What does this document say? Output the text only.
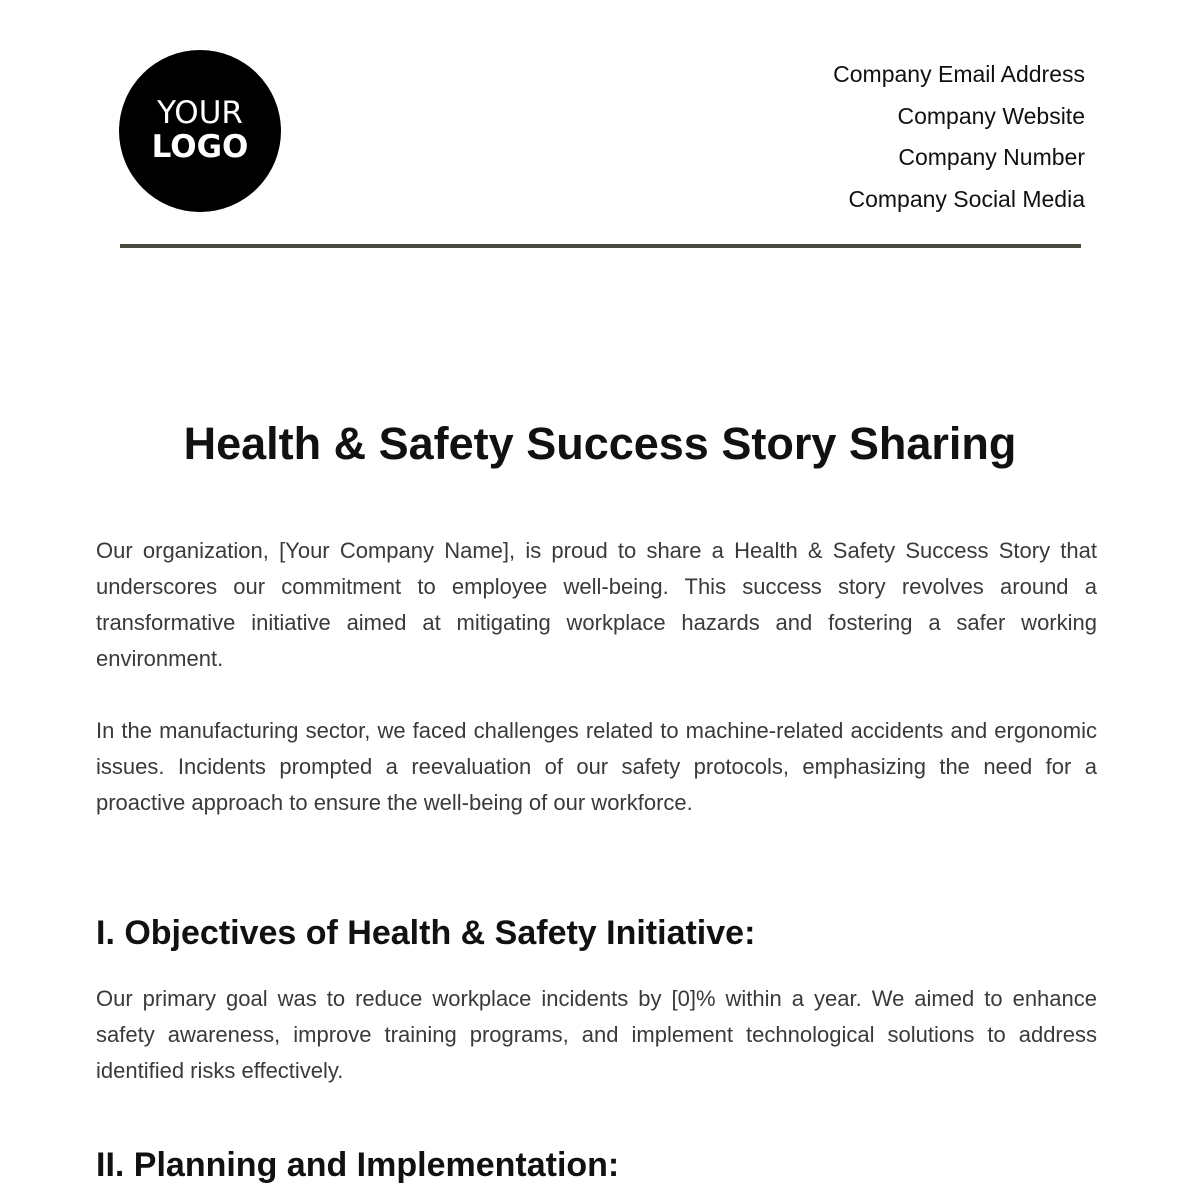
YOUR
LOGO
Company Email Address
Company Website
Company Number
Company Social Media
Health & Safety Success Story Sharing

Our organization, [Your Company Name], is proud to share a Health & Safety Success Story that underscores our commitment to employee well-being. This success story revolves around a transformative initiative aimed at mitigating workplace hazards and fostering a safer working environment.

In the manufacturing sector, we faced challenges related to machine-related accidents and ergonomic issues. Incidents prompted a reevaluation of our safety protocols, emphasizing the need for a proactive approach to ensure the well-being of our workforce.

I. Objectives of Health & Safety Initiative:

Our primary goal was to reduce workplace incidents by [0]% within a year. We aimed to enhance safety awareness, improve training programs, and implement technological solutions to address identified risks effectively.

II. Planning and Implementation:
